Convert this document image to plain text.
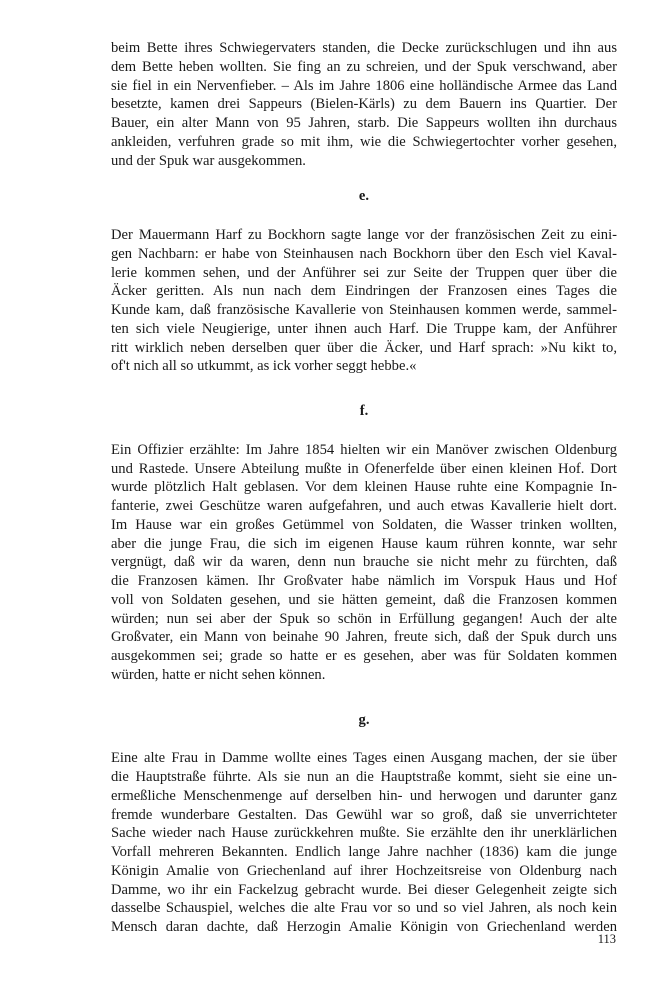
beim Bette ihres Schwiegervaters standen, die Decke zurückschlugen und ihn aus
dem Bette heben wollten. Sie fing an zu schreien, und der Spuk verschwand, aber
sie fiel in ein Nervenfieber. – Als im Jahre 1806 eine holländische Armee das Land
besetzte, kamen drei Sappeurs (Bielen-Kärls) zu dem Bauern ins Quartier. Der
Bauer, ein alter Mann von 95 Jahren, starb. Die Sappeurs wollten ihn durchaus
ankleiden, verfuhren grade so mit ihm, wie die Schwiegertochter vorher gesehen,
und der Spuk war ausgekommen.

e.

Der Mauermann Harf zu Bockhorn sagte lange vor der französischen Zeit zu eini-
gen Nachbarn: er habe von Steinhausen nach Bockhorn über den Esch viel Kaval-
lerie kommen sehen, und der Anführer sei zur Seite der Truppen quer über die
Äcker geritten. Als nun nach dem Eindringen der Franzosen eines Tages die
Kunde kam, daß französische Kavallerie von Steinhausen kommen werde, sammel-
ten sich viele Neugierige, unter ihnen auch Harf. Die Truppe kam, der Anführer
ritt wirklich neben derselben quer über die Äcker, und Harf sprach: »Nu kikt to,
of't nich all so utkummt, as ick vorher seggt hebbe.«

f.

Ein Offizier erzählte: Im Jahre 1854 hielten wir ein Manöver zwischen Oldenburg
und Rastede. Unsere Abteilung mußte in Ofenerfelde über einen kleinen Hof. Dort
wurde plötzlich Halt geblasen. Vor dem kleinen Hause ruhte eine Kompagnie In-
fanterie, zwei Geschütze waren aufgefahren, und auch etwas Kavallerie hielt dort.
Im Hause war ein großes Getümmel von Soldaten, die Wasser trinken wollten,
aber die junge Frau, die sich im eigenen Hause kaum rühren konnte, war sehr
vergnügt, daß wir da waren, denn nun brauche sie nicht mehr zu fürchten, daß
die Franzosen kämen. Ihr Großvater habe nämlich im Vorspuk Haus und Hof
voll von Soldaten gesehen, und sie hätten gemeint, daß die Franzosen kommen
würden; nun sei aber der Spuk so schön in Erfüllung gegangen! Auch der alte
Großvater, ein Mann von beinahe 90 Jahren, freute sich, daß der Spuk durch uns
ausgekommen sei; grade so hatte er es gesehen, aber was für Soldaten kommen
würden, hatte er nicht sehen können.

g.

Eine alte Frau in Damme wollte eines Tages einen Ausgang machen, der sie über
die Hauptstraße führte. Als sie nun an die Hauptstraße kommt, sieht sie eine un-
ermeßliche Menschenmenge auf derselben hin- und herwogen und darunter ganz
fremde wunderbare Gestalten. Das Gewühl war so groß, daß sie unverrichteter
Sache wieder nach Hause zurückkehren mußte. Sie erzählte den ihr unerklärlichen
Vorfall mehreren Bekannten. Endlich lange Jahre nachher (1836) kam die junge
Königin Amalie von Griechenland auf ihrer Hochzeitsreise von Oldenburg nach
Damme, wo ihr ein Fackelzug gebracht wurde. Bei dieser Gelegenheit zeigte sich
dasselbe Schauspiel, welches die alte Frau vor so und so viel Jahren, als noch kein
Mensch daran dachte, daß Herzogin Amalie Königin von Griechenland werden

113
